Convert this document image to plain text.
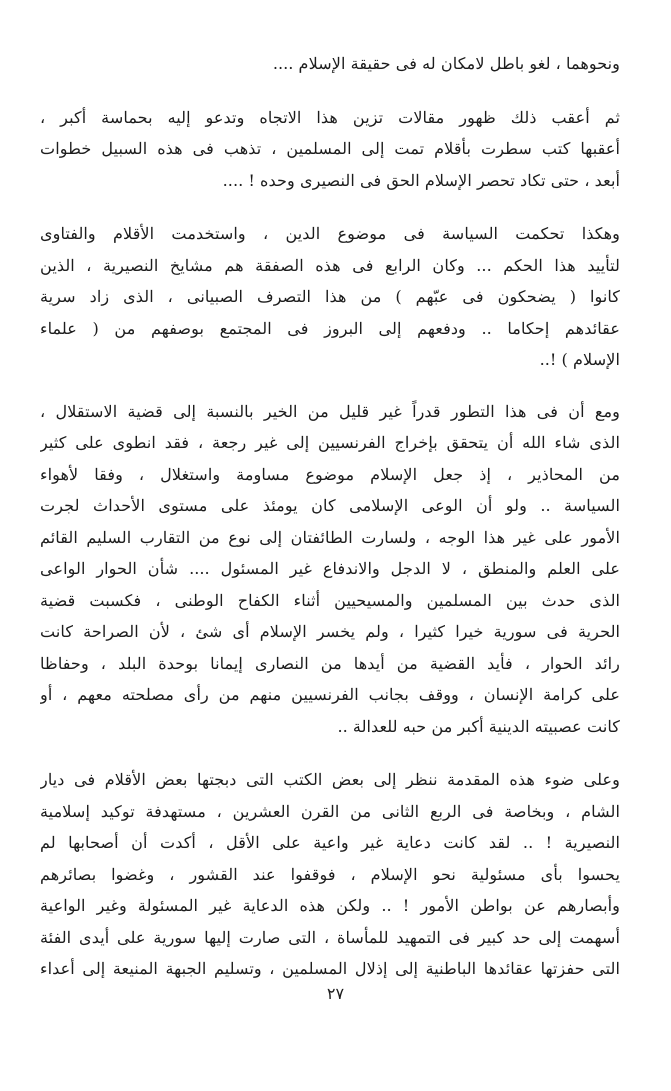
ونحوهما ، لغو باطل لامكان له فى حقيقة الإسلام ....

ثم أعقب ذلك ظهور مقالات تزين هذا الاتجاه وتدعو إليه بحماسة أكبر ،
أعقبها كتب سطرت بأقلام تمت إلى المسلمين ، تذهب فى هذه السبيل خطوات
أبعد ، حتى تكاد تحصر الإسلام الحق فى النصيرى وحده ! ....

وهكذا تحكمت السياسة فى موضوع الدين ، واستخدمت الأقلام والفتاوى
لتأييد هذا الحكم ... وكان الرابع فى هذه الصفقة هم مشايخ النصيرية ، الذين
كانوا ( يضحكون فى عبّهم ) من هذا التصرف الصبيانى ، الذى زاد سرية
عقائدهم إحكاما .. ودفعهم إلى البروز فى المجتمع بوصفهم من ( علماء
الإسلام ) !..

ومع أن فى هذا التطور قدراً غير قليل من الخير بالنسبة إلى قضية الاستقلال ،
الذى شاء الله أن يتحقق بإخراج الفرنسيين إلى غير رجعة ، فقد انطوى على كثير
من المحاذير ، إذ جعل الإسلام موضوع مساومة واستغلال ، وفقا لأهواء
السياسة .. ولو أن الوعى الإسلامى كان يومئذ على مستوى الأحداث لجرت
الأمور على غير هذا الوجه ، ولسارت الطائفتان إلى نوع من التقارب السليم القائم
على العلم والمنطق ، لا الدجل والاندفاع غير المسئول .... شأن الحوار الواعى
الذى حدث بين المسلمين والمسيحيين أثناء الكفاح الوطنى ، فكسبت قضية
الحرية فى سورية خيرا كثيرا ، ولم يخسر الإسلام أى شئ ، لأن الصراحة كانت
رائد الحوار ، فأيد القضية من أيدها من النصارى إيمانا بوحدة البلد ، وحفاظا
على كرامة الإنسان ، ووقف بجانب الفرنسيين منهم من رأى مصلحته معهم ، أو
كانت عصبيته الدينية أكبر من حبه للعدالة ..

وعلى ضوء هذه المقدمة ننظر إلى بعض الكتب التى دبجتها بعض الأقلام فى ديار
الشام ، وبخاصة فى الربع الثانى من القرن العشرين ، مستهدفة توكيد إسلامية
النصيرية ! .. لقد كانت دعاية غير واعية على الأقل ، أكدت أن أصحابها لم
يحسوا بأى مسئولية نحو الإسلام ، فوقفوا عند القشور ، وغضوا بصائرهم
وأبصارهم عن بواطن الأمور ! .. ولكن هذه الدعاية غير المسئولة وغير الواعية
أسهمت إلى حد كبير فى التمهيد للمأساة ، التى صارت إليها سورية على أيدى الفئة
التى حفزتها عقائدها الباطنية إلى إذلال المسلمين ، وتسليم الجبهة المنيعة إلى أعداء

٢٧
